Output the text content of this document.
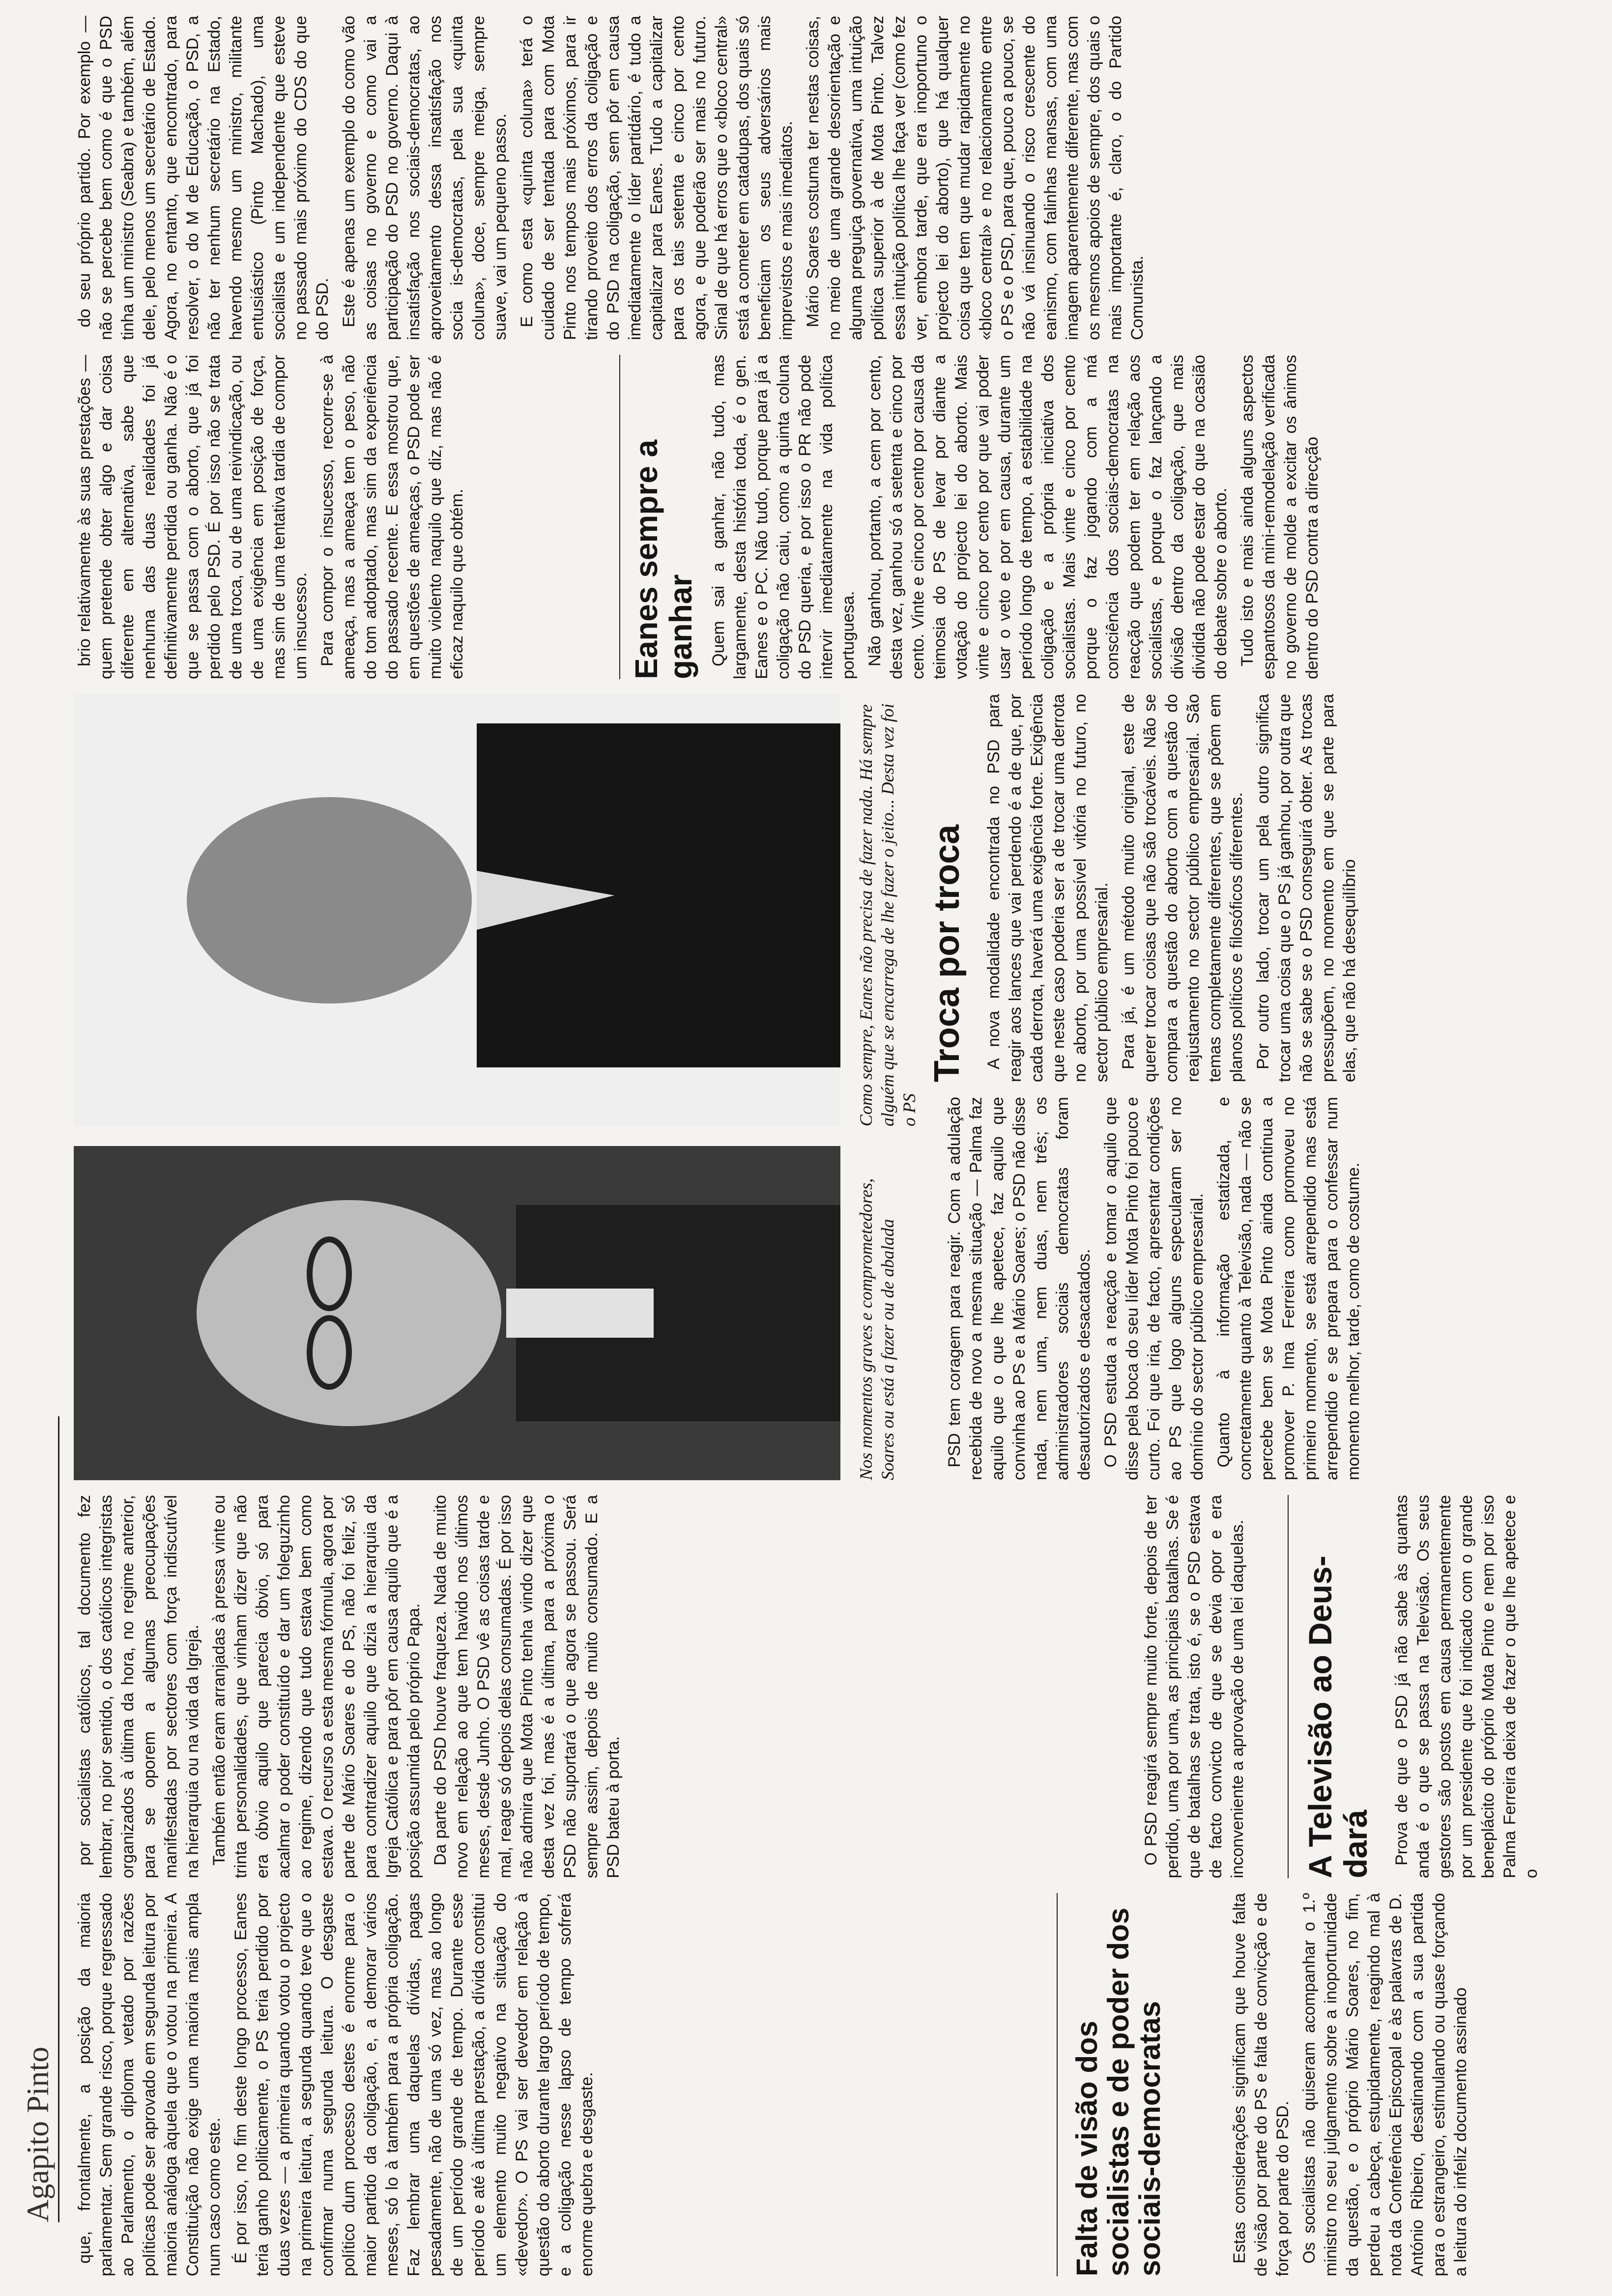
Agapito Pinto que, frontalmente, a posição da maioria parlamentar. Sem grande risco, porque regressado ao Parlamento, o diploma vetado por razões políticas pode ser aprovado em segunda leitura por maioria análoga àquela que o votou na primeira. A Constituição não exige uma maioria mais ampla num caso como este. É por isso, no fim deste longo processo, Eanes teria ganho politicamente, o PS teria perdido por duas vezes — a primeira quando votou o projecto na primeira leitura, a segunda quando teve que o confirmar numa segunda leitura. O desgaste político dum processo destes é enorme para o maior partido da coligação, e, a demorar vários meses, só lo à também para a própria coligação. Faz lembrar uma daquelas dívidas, pagas pesadamente, não de uma só vez, mas ao longo de um período grande de tempo. Durante esse período e até à última prestação, a dívida constitui um elemento muito negativo na situação do «devedor». O PS vai ser devedor em relação à questão do aborto durante largo período de tempo, e a coligação nesse lapso de tempo sofrerá enorme quebra e desgaste.	Falta de visão dos socialistas e de poder dos sociais-democratas	Estas considerações significam que houve falta de visão por parte do PS e falta de convicção e de força por parte do PSD. Os socialistas não quiseram acompanhar o 1.º ministro no seu julgamento sobre a inoportunidade da questão, e o próprio Mário Soares, no fim, perdeu a cabeça, estupidamente, reagindo mal à nota da Conferência Episcopal e às palavras de D. António Ribeiro, desatinando com a sua partida para o estrangeiro, estimulando ou quase forçando a leitura do infeliz documento assinado

por socialistas católicos, tal documento fez lembrar, no pior sentido, o dos católicos integristas organizados à última da hora, no regime anterior, para se oporem a algumas preocupações manifestadas por sectores com força indiscutível na hierarquia ou na vida da Igreja. Também então eram arranjadas à pressa vinte ou trinta personalidades, que vinham dizer que não era óbvio aquilo que parecia óbvio, só para acalmar o poder constituído e dar um foleguzinho ao regime, dizendo que tudo estava bem como estava. O recurso a esta mesma fórmula, agora por parte de Mário Soares e do PS, não foi feliz, só para contradizer aquilo que dizia a hierarquia da Igreja Católica e para pôr em causa aquilo que é a posição assumida pelo próprio Papa. Da parte do PSD houve fraqueza. Nada de muito novo em relação ao que tem havido nos últimos meses, desde Junho. O PSD vê as coisas tarde e mal, reage só depois delas consumadas. É por isso não admira que Mota Pinto tenha vindo dizer que desta vez foi, mas é a última, para a próxima o PSD não suportará o que agora se passou. Será sempre assim, depois de muito consumado. E a PSD bateu à porta.	O PSD reagirá sempre muito forte, depois de ter perdido, uma por uma, as principais batalhas. Se é que de batalhas se trata, isto é, se o PSD estava de facto convicto de que se devia opor e era inconveniente a aprovação de uma lei daquelas. A Televisão ao Deus-dará Prova de que o PSD já não sabe às quantas anda é o que se passa na Televisão. Os seus gestores são postos em causa permanentemente por um presidente que foi indicado com o grande beneplácito do próprio Mota Pinto e nem por isso Palma Ferreira deixa de fazer o que lhe apetece e o

Nos momentos graves e comprometedores, Soares ou está a fazer ou de abalada
Como sempre, Eanes não precisa de fazer nada. Há sempre alguém que se encarrega de lhe fazer o jeito... Desta vez foi o PS PSD tem coragem para reagir. Com a adulação recebida de novo a mesma situação — Palma faz aquilo que o que lhe apetece, faz aquilo que convinha ao PS e a Mário Soares; o PSD não disse nada, nem uma, nem duas, nem três; os administradores sociais democratas foram desautorizados e desacatados. O PSD estuda a reacção e tomar o aquilo que disse pela boca do seu líder Mota Pinto foi pouco e curto. Foi que iria, de facto, apresentar condições ao PS que logo alguns especularam ser no domínio do sector público empresarial. Quanto à informação estatizada, e concretamente quanto à Televisão, nada — não se percebe bem se Mota Pinto ainda continua a promover P. Ima Ferreira como promoveu no primeiro momento, se está arrependido mas está arrependido e se prepara para o confessar num momento melhor, tarde, como de costume.

Troca por troca A nova modalidade encontrada no PSD para reagir aos lances que vai perdendo é a de que, por cada derrota, haverá uma exigência forte. Exigência que neste caso poderia ser a de trocar uma derrota no aborto, por uma possível vitória no futuro, no sector público empresarial. Para já, é um método muito original, este de querer trocar coisas que não são trocáveis. Não se compara a questão do aborto com a questão do reajustamento no sector público empresarial. São temas completamente diferentes, que se põem em planos políticos e filosóficos diferentes. Por outro lado, trocar um pela outro significa trocar uma coisa que o PS já ganhou, por outra que não se sabe se o PSD conseguirá obter. As trocas pressupõem, no momento em que se parte para elas, que não há desequilíbrio

brio relativamente às suas prestações — quem pretende obter algo e dar coisa diferente em alternativa, sabe que nenhuma das duas realidades foi já definitivamente perdida ou ganha. Não é o que se passa com o aborto, que já foi perdido pelo PSD. É por isso não se trata de uma troca, ou de uma reivindicação, ou de uma exigência em posição de força, mas sim de uma tentativa tardia de compor um insucesso. Para compor o insucesso, recorre-se à ameaça, mas a ameaça tem o peso, não do tom adoptado, mas sim da experiência do passado recente. E essa mostrou que, em questões de ameaças, o PSD pode ser muito violento naquilo que diz, mas não é eficaz naquilo que obtém.	Eanes sempre a ganhar Quem sai a ganhar, não tudo, mas largamente, desta história toda, é o gen. Eanes e o PC. Não tudo, porque para já a coligação não caiu, como a quinta coluna do PSD queria, e por isso o PR não pode intervir imediatamente na vida política portuguesa. Não ganhou, portanto, a cem por cento, desta vez, ganhou só a setenta e cinco por cento. Vinte e cinco por cento por causa da teimosia do PS de levar por diante a votação do projecto lei do aborto. Mais vinte e cinco por cento por que vai poder usar o veto e por em causa, durante um período longo de tempo, a estabilidade na coligação e a própria iniciativa dos socialistas. Mais vinte e cinco por cento porque o faz jogando com a má consciência dos sociais-democratas na reacção que podem ter em relação aos socialistas, e porque o faz lançando a divisão dentro da coligação, que mais dividida não pode estar do que na ocasião do debate sobre o aborto. Tudo isto e mais ainda alguns aspectos espantosos da mini-remodelação verificada no governo de molde a excitar os ânimos dentro do PSD contra a direcção

do seu próprio partido. Por exemplo — não se percebe bem como é que o PSD tinha um ministro (Seabra) e também, além dele, pelo menos um secretário de Estado. Agora, no entanto, que encontrado, para resolver, o do M de Educação, o PSD, a não ter nenhum secretário na Estado, havendo mesmo um ministro, militante entusiástico (Pinto Machado), uma socialista e um independente que esteve no passado mais próximo do CDS do que do PSD. Este é apenas um exemplo do como vão as coisas no governo e como vai a participação do PSD no governo. Daqui à insatisfação nos sociais-democratas, ao aproveitamento dessa insatisfação nos socia is-democratas, pela sua «quinta coluna», doce, sempre meiga, sempre suave, vai um pequeno passo. E como esta «quinta coluna» terá o cuidado de ser tentada para com Mota Pinto nos tempos mais próximos, para ir tirando proveito dos erros da coligação e do PSD na coligação, sem pôr em causa imediatamente o líder partidário, é tudo a capitalizar para Eanes. Tudo a capitalizar para os tais setenta e cinco por cento agora, e que poderão ser mais no futuro. Sinal de que há erros que o «bloco central» está a cometer em catadupas, dos quais só beneficiam os seus adversários mais imprevistos e mais imediatos. Mário Soares costuma ter nestas coisas, no meio de uma grande desorientação e alguma preguiça governativa, uma intuição política superior à de Mota Pinto. Talvez essa intuição política lhe faça ver (como fez ver, embora tarde, que era inoportuno o projecto lei do aborto), que há qualquer coisa que tem que mudar rapidamente no «bloco central» e no relacionamento entre o PS e o PSD, para que, pouco a pouco, se não vá insinuando o risco crescente do eanismo, com falinhas mansas, com uma imagem aparentemente diferente, mas com os mesmos apoios de sempre, dos quais o mais importante é, claro, o do Partido Comunista.
